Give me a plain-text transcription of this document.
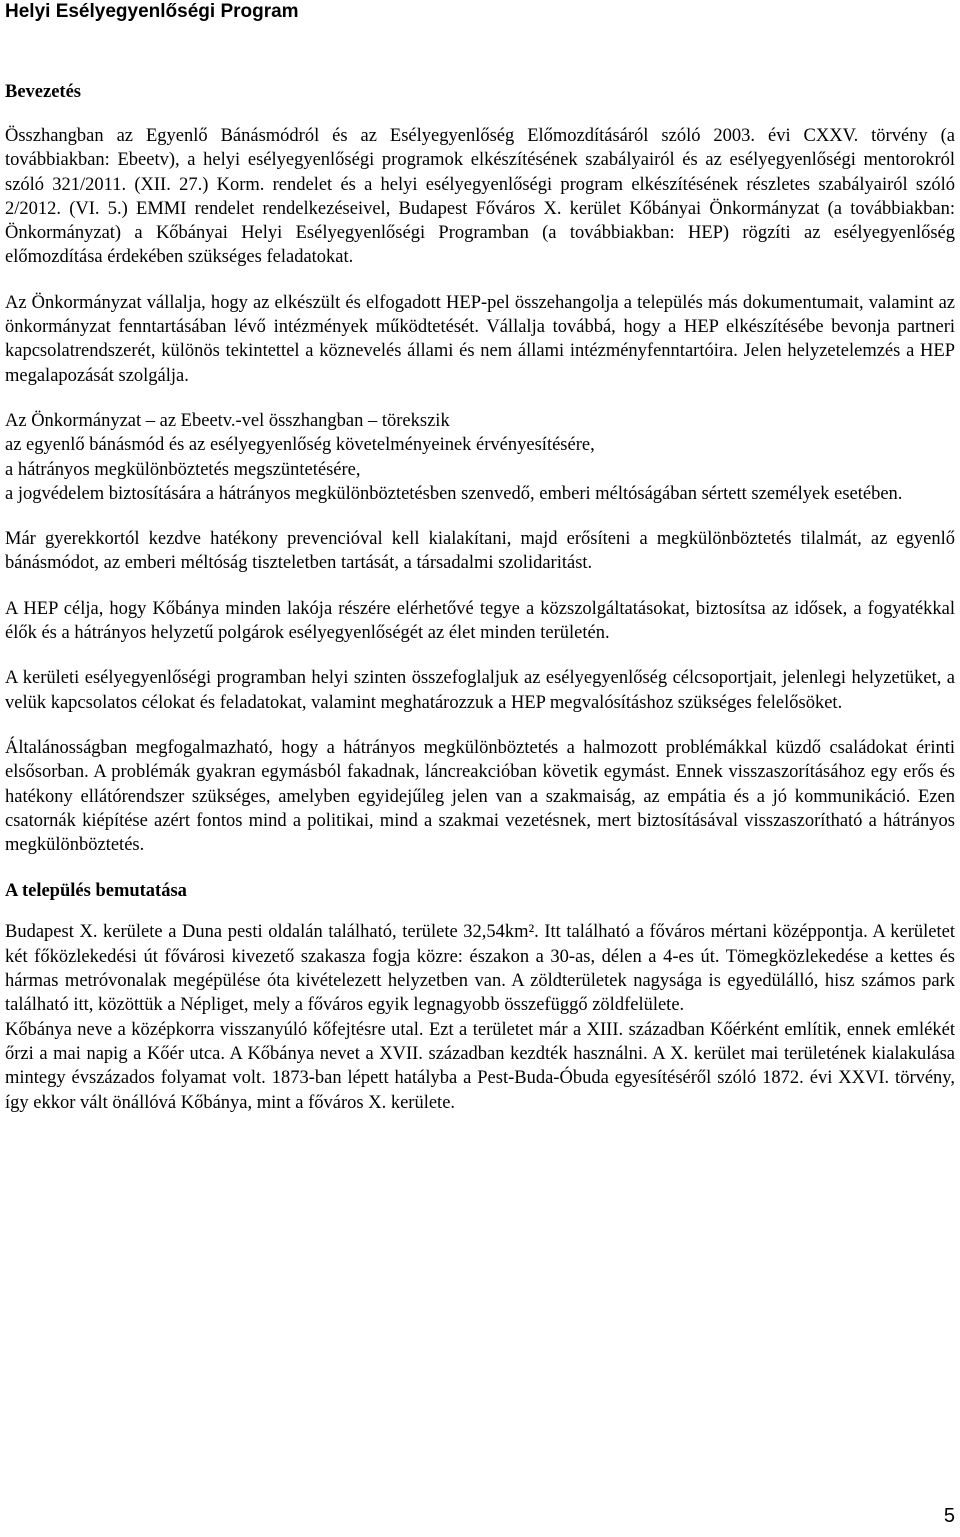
Helyi Esélyegyenlőségi Program
Bevezetés

Összhangban az Egyenlő Bánásmódról és az Esélyegyenlőség Előmozdításáról szóló 2003. évi CXXV. törvény (a továbbiakban: Ebeetv), a helyi esélyegyenlőségi programok elkészítésének szabályairól és az esélyegyenlőségi mentorokról szóló 321/2011. (XII. 27.) Korm. rendelet és a helyi esélyegyenlőségi program elkészítésének részletes szabályairól szóló 2/2012. (VI. 5.) EMMI rendelet rendelkezéseivel, Budapest Főváros X. kerület Kőbányai Önkormányzat (a továbbiakban: Önkormányzat) a Kőbányai Helyi Esélyegyenlőségi Programban (a továbbiakban: HEP) rögzíti az esélyegyenlőség előmozdítása érdekében szükséges feladatokat.

Az Önkormányzat vállalja, hogy az elkészült és elfogadott HEP-pel összehangolja a település más dokumentumait, valamint az önkormányzat fenntartásában lévő intézmények működtetését. Vállalja továbbá, hogy a HEP elkészítésébe bevonja partneri kapcsolatrendszerét, különös tekintettel a köznevelés állami és nem állami intézményfenntartóira. Jelen helyzetelemzés a HEP megalapozását szolgálja.

Az Önkormányzat – az Ebeetv.-vel összhangban – törekszik
az egyenlő bánásmód és az esélyegyenlőség követelményeinek érvényesítésére,
a hátrányos megkülönböztetés megszüntetésére,
a jogvédelem biztosítására a hátrányos megkülönböztetésben szenvedő, emberi méltóságában sértett személyek esetében.

Már gyerekkortól kezdve hatékony prevencióval kell kialakítani, majd erősíteni a megkülönböztetés tilalmát, az egyenlő bánásmódot, az emberi méltóság tiszteletben tartását, a társadalmi szolidaritást.

A HEP célja, hogy Kőbánya minden lakója részére elérhetővé tegye a közszolgáltatásokat, biztosítsa az idősek, a fogyatékkal élők és a hátrányos helyzetű polgárok esélyegyenlőségét az élet minden területén.

A kerületi esélyegyenlőségi programban helyi szinten összefoglaljuk az esélyegyenlőség célcsoportjait, jelenlegi helyzetüket, a velük kapcsolatos célokat és feladatokat, valamint meghatározzuk a HEP megvalósításhoz szükséges felelősöket.

Általánosságban megfogalmazható, hogy a hátrányos megkülönböztetés a halmozott problémákkal küzdő családokat érinti elsősorban. A problémák gyakran egymásból fakadnak, láncreakcióban követik egymást. Ennek visszaszorításához egy erős és hatékony ellátórendszer szükséges, amelyben egyidejűleg jelen van a szakmaiság, az empátia és a jó kommunikáció. Ezen csatornák kiépítése azért fontos mind a politikai, mind a szakmai vezetésnek, mert biztosításával visszaszorítható a hátrányos megkülönböztetés.

A település bemutatása

Budapest X. kerülete a Duna pesti oldalán található, területe 32,54km². Itt található a főváros mértani középpontja. A kerületet két főközlekedési út fővárosi kivezető szakasza fogja közre: északon a 30-as, délen a 4-es út. Tömegközlekedése a kettes és hármas metróvonalak megépülése óta kivételezett helyzetben van. A zöldterületek nagysága is egyedülálló, hisz számos park található itt, közöttük a Népliget, mely a főváros egyik legnagyobb összefüggő zöldfelülete.

Kőbánya neve a középkorra visszanyúló kőfejtésre utal. Ezt a területet már a XIII. században Kőérként említik, ennek emlékét őrzi a mai napig a Kőér utca. A Kőbánya nevet a XVII. században kezdték használni. A X. kerület mai területének kialakulása mintegy évszázados folyamat volt. 1873-ban lépett hatályba a Pest-Buda-Óbuda egyesítéséről szóló 1872. évi XXVI. törvény, így ekkor vált önállóvá Kőbánya, mint a főváros X. kerülete.

5
